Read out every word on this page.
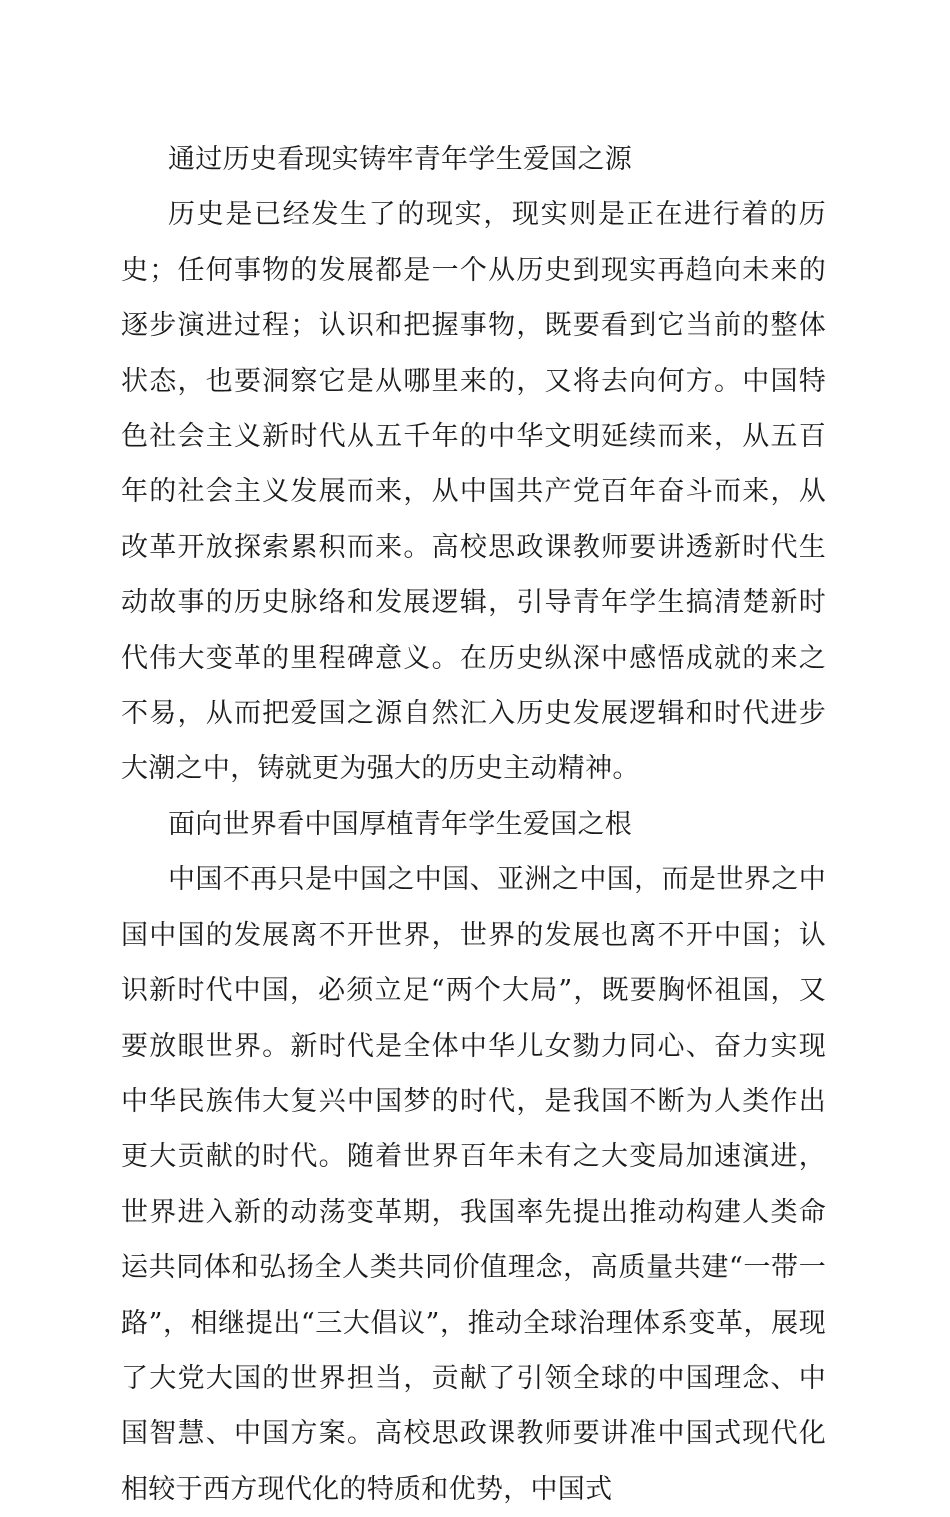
通过历史看现实铸牢青年学生爱国之源

历史是已经发生了的现实，现实则是正在进行着的历史；任何事物的发展都是一个从历史到现实再趋向未来的逐步演进过程；认识和把握事物，既要看到它当前的整体状态，也要洞察它是从哪里来的，又将去向何方。中国特色社会主义新时代从五千年的中华文明延续而来，从五百年的社会主义发展而来，从中国共产党百年奋斗而来，从改革开放探索累积而来。高校思政课教师要讲透新时代生动故事的历史脉络和发展逻辑，引导青年学生搞清楚新时代伟大变革的里程碑意义。在历史纵深中感悟成就的来之不易，从而把爱国之源自然汇入历史发展逻辑和时代进步大潮之中，铸就更为强大的历史主动精神。

面向世界看中国厚植青年学生爱国之根

中国不再只是中国之中国、亚洲之中国，而是世界之中国中国的发展离不开世界，世界的发展也离不开中国；认识新时代中国，必须立足“两个大局”，既要胸怀祖国，又要放眼世界。新时代是全体中华儿女勠力同心、奋力实现中华民族伟大复兴中国梦的时代，是我国不断为人类作出更大贡献的时代。随着世界百年未有之大变局加速演进，世界进入新的动荡变革期，我国率先提出推动构建人类命运共同体和弘扬全人类共同价值理念，高质量共建“一带一路”，相继提出“三大倡议”，推动全球治理体系变革，展现了大党大国的世界担当，贡献了引领全球的中国理念、中国智慧、中国方案。高校思政课教师要讲准中国式现代化相较于西方现代化的特质和优势，中国式
